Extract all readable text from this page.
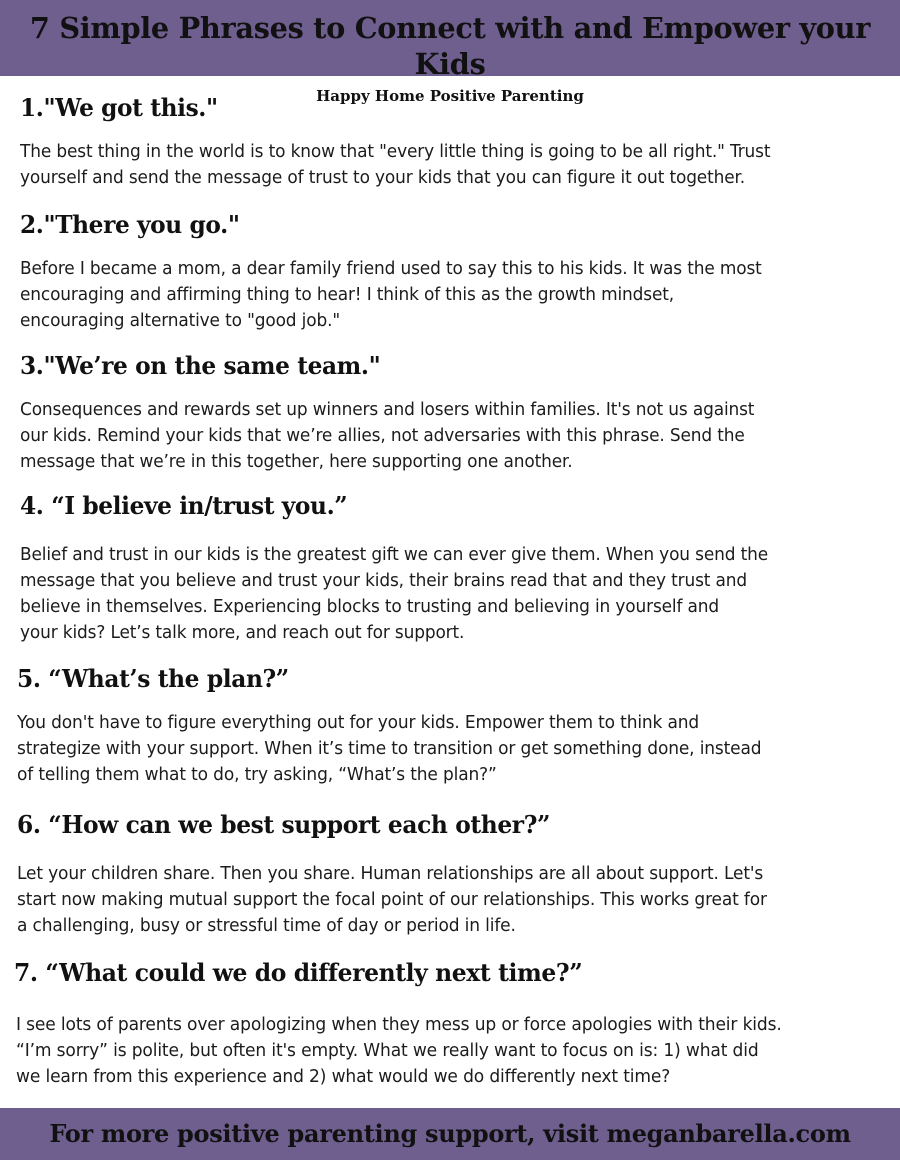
7 Simple Phrases to Connect with and Empower your Kids
Happy Home Positive Parenting
1."We got this."

The best thing in the world is to know that "every little thing is going to be all right." Trust
yourself and send the message of trust to your kids that you can figure it out together.

2."There you go."

Before I became a mom, a dear family friend used to say this to his kids. It was the most
encouraging and affirming thing to hear! I think of this as the growth mindset,
encouraging alternative to "good job."

3."We’re on the same team."

Consequences and rewards set up winners and losers within families. It's not us against
our kids. Remind your kids that we’re allies, not adversaries with this phrase. Send the
message that we’re in this together, here supporting one another.

4. “I believe in/trust you.”

Belief and trust in our kids is the greatest gift we can ever give them. When you send the
message that you believe and trust your kids, their brains read that and they trust and
believe in themselves. Experiencing blocks to trusting and believing in yourself and
your kids? Let’s talk more, and reach out for support.

5. “What’s the plan?”

You don't have to figure everything out for your kids. Empower them to think and
strategize with your support. When it’s time to transition or get something done, instead
of telling them what to do, try asking, “What’s the plan?”

6. “How can we best support each other?”

Let your children share. Then you share. Human relationships are all about support. Let's
start now making mutual support the focal point of our relationships. This works great for
a challenging, busy or stressful time of day or period in life.

7. “What could we do differently next time?”

I see lots of parents over apologizing when they mess up or force apologies with their kids.
“I’m sorry” is polite, but often it's empty. What we really want to focus on is: 1) what did
we learn from this experience and 2) what would we do differently next time?

For more positive parenting support, visit meganbarella.com
